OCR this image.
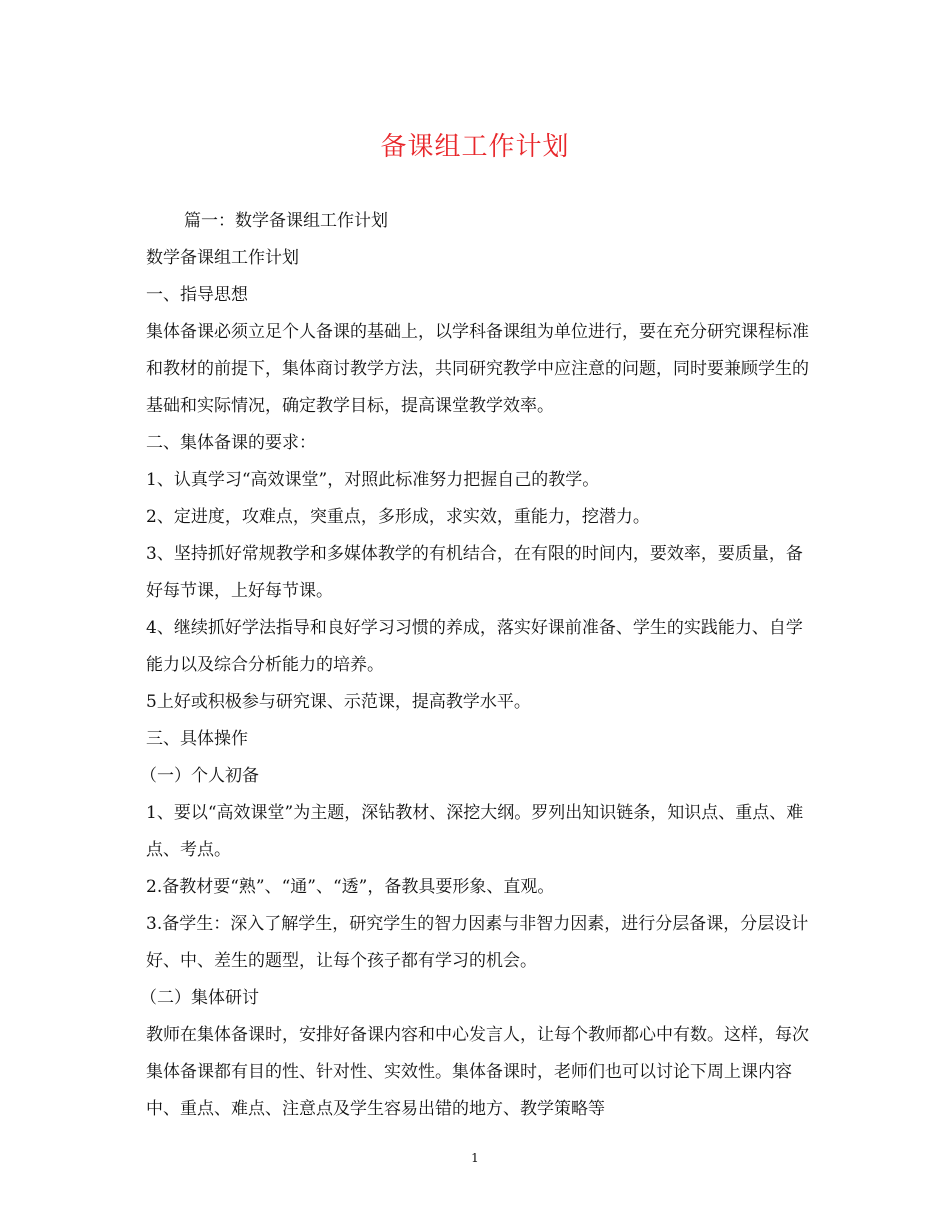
备课组工作计划

篇一：数学备课组工作计划

数学备课组工作计划

一、指导思想

集体备课必须立足个人备课的基础上，以学科备课组为单位进行，要在充分研究课程标准和教材的前提下，集体商讨教学方法，共同研究教学中应注意的问题，同时要兼顾学生的基础和实际情况，确定教学目标，提高课堂教学效率。

二、集体备课的要求：

1、认真学习“高效课堂”，对照此标准努力把握自己的教学。

2、定进度，攻难点，突重点，多形成，求实效，重能力，挖潜力。

3、坚持抓好常规教学和多媒体教学的有机结合，在有限的时间内，要效率，要质量，备好每节课，上好每节课。

4、继续抓好学法指导和良好学习习惯的养成，落实好课前准备、学生的实践能力、自学能力以及综合分析能力的培养。

5上好或积极参与研究课、示范课，提高教学水平。

三、具体操作

（一）个人初备

1、要以“高效课堂”为主题，深钻教材、深挖大纲。罗列出知识链条，知识点、重点、难点、考点。

2.备教材要“熟”、“通”、“透”，备教具要形象、直观。

3.备学生：深入了解学生，研究学生的智力因素与非智力因素，进行分层备课，分层设计好、中、差生的题型，让每个孩子都有学习的机会。

（二）集体研讨

教师在集体备课时，安排好备课内容和中心发言人，让每个教师都心中有数。这样，每次集体备课都有目的性、针对性、实效性。集体备课时，老师们也可以讨论下周上课内容中、重点、难点、注意点及学生容易出错的地方、教学策略等

1
